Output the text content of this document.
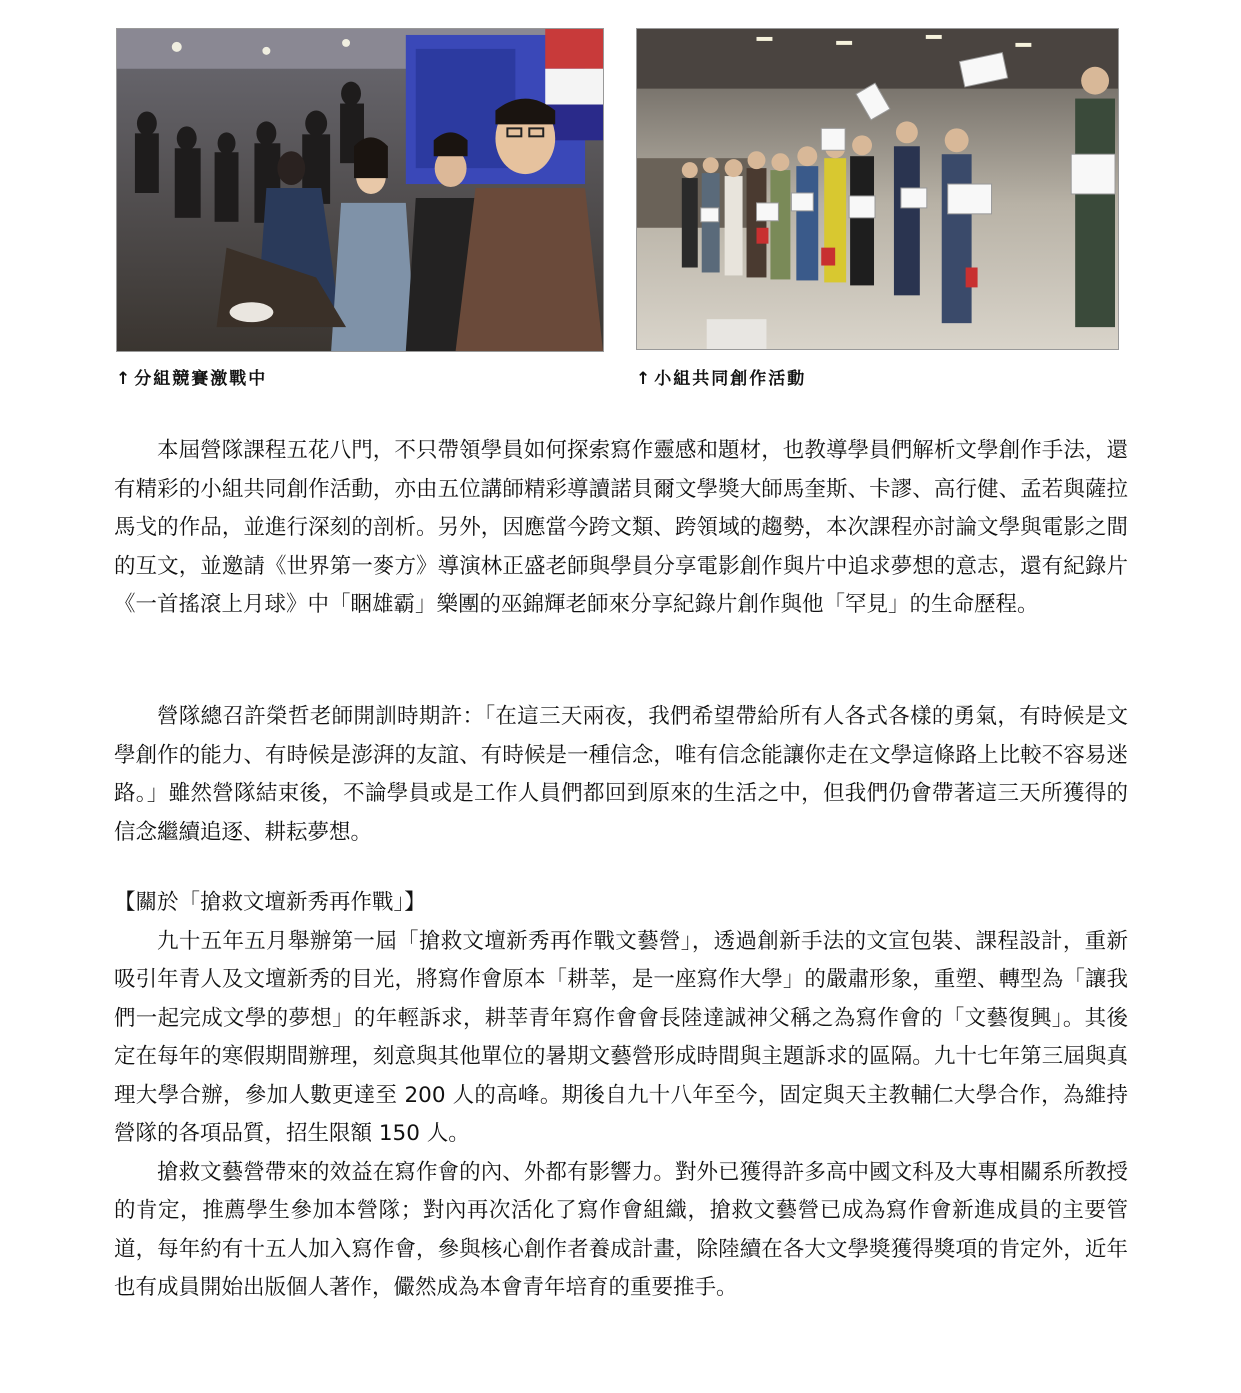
↑ 分組競賽激戰中	↑ 小組共同創作活動

本屆營隊課程五花八門，不只帶領學員如何探索寫作靈感和題材，也教導學員們解析文學創作手法，還有精彩的小組共同創作活動，亦由五位講師精彩導讀諾貝爾文學獎大師馬奎斯、卡謬、高行健、孟若與薩拉馬戈的作品，並進行深刻的剖析。另外，因應當今跨文類、跨領域的趨勢，本次課程亦討論文學與電影之間的互文，並邀請《世界第一麥方》導演林正盛老師與學員分享電影創作與片中追求夢想的意志，還有紀錄片《一首搖滾上月球》中「睏雄霸」樂團的巫錦輝老師來分享紀錄片創作與他「罕見」的生命歷程。

營隊總召許榮哲老師開訓時期許：「在這三天兩夜，我們希望帶給所有人各式各樣的勇氣，有時候是文學創作的能力、有時候是澎湃的友誼、有時候是一種信念，唯有信念能讓你走在文學這條路上比較不容易迷路。」雖然營隊結束後，不論學員或是工作人員們都回到原來的生活之中，但我們仍會帶著這三天所獲得的信念繼續追逐、耕耘夢想。

【關於「搶救文壇新秀再作戰」】

九十五年五月舉辦第一屆「搶救文壇新秀再作戰文藝營」，透過創新手法的文宣包裝、課程設計，重新吸引年青人及文壇新秀的目光，將寫作會原本「耕莘，是一座寫作大學」的嚴肅形象，重塑、轉型為「讓我們一起完成文學的夢想」的年輕訴求，耕莘青年寫作會會長陸達誠神父稱之為寫作會的「文藝復興」。其後定在每年的寒假期間辦理，刻意與其他單位的暑期文藝營形成時間與主題訴求的區隔。九十七年第三屆與真理大學合辦，參加人數更達至 200 人的高峰。期後自九十八年至今，固定與天主教輔仁大學合作，為維持營隊的各項品質，招生限額 150 人。

搶救文藝營帶來的效益在寫作會的內、外都有影響力。對外已獲得許多高中國文科及大專相關系所教授的肯定，推薦學生參加本營隊；對內再次活化了寫作會組織，搶救文藝營已成為寫作會新進成員的主要管道，每年約有十五人加入寫作會，參與核心創作者養成計畫，除陸續在各大文學獎獲得獎項的肯定外，近年也有成員開始出版個人著作，儼然成為本會青年培育的重要推手。
